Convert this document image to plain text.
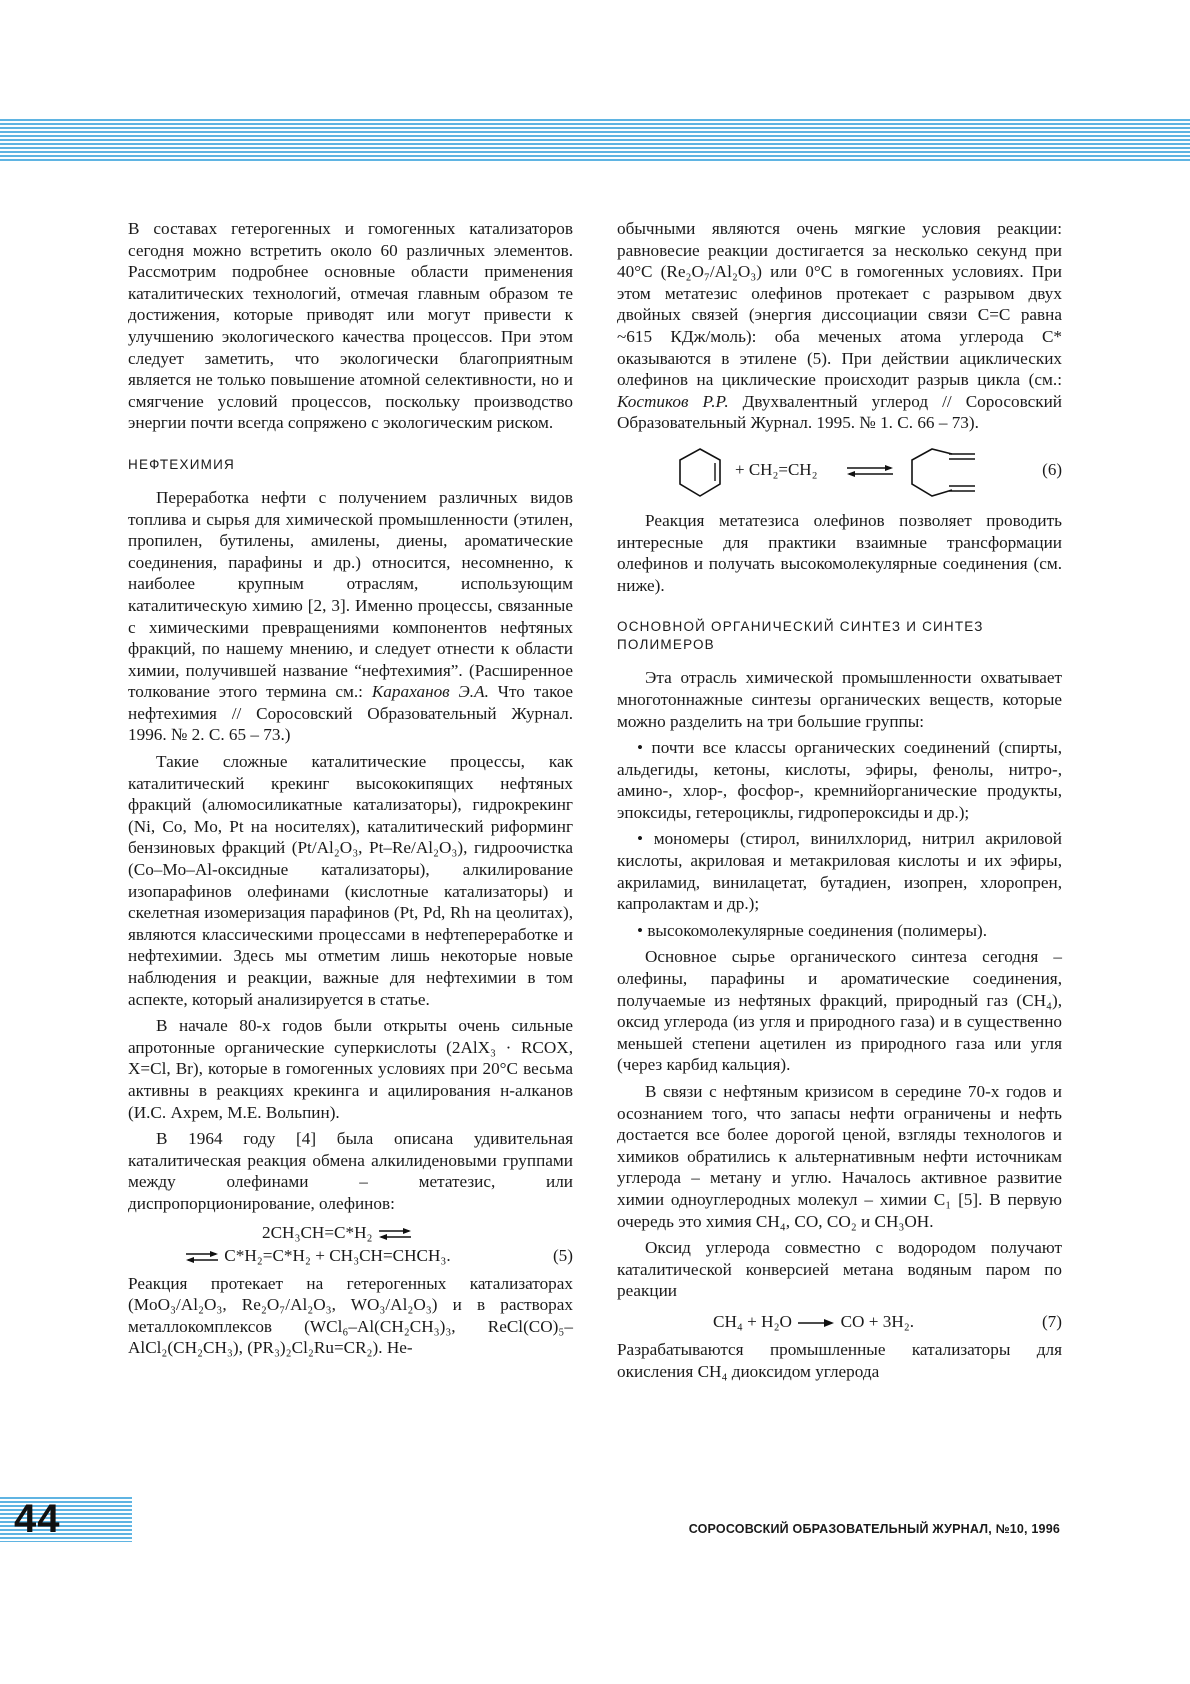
В составах гетерогенных и гомогенных катализаторов сегодня можно встретить около 60 различных элементов. Рассмотрим подробнее основные области применения каталитических технологий, отмечая главным образом те достижения, которые приводят или могут привести к улучшению экологического качества процессов. При этом следует заметить, что экологически благоприятным является не только повышение атомной селективности, но и смягчение условий процессов, поскольку производство энергии почти всегда сопряжено с экологическим риском.

НЕФТЕХИМИЯ

Переработка нефти с получением различных видов топлива и сырья для химической промышленности (этилен, пропилен, бутилены, амилены, диены, ароматические соединения, парафины и др.) относится, несомненно, к наиболее крупным отраслям, использующим каталитическую химию [2, 3]. Именно процессы, связанные с химическими превращениями компонентов нефтяных фракций, по нашему мнению, и следует отнести к области химии, получившей название “нефтехимия”. (Расширенное толкование этого термина см.: Караханов Э.А. Что такое нефтехимия // Соросовский Образовательный Журнал. 1996. № 2. С. 65 – 73.)

Такие сложные каталитические процессы, как каталитический крекинг высококипящих нефтяных фракций (алюмосиликатные катализаторы), гидрокрекинг (Ni, Co, Mo, Pt на носителях), каталитический риформинг бензиновых фракций (Pt/Al₂O₃, Pt–Re/Al₂O₃), гидроочистка (Co–Mo–Al-оксидные катализаторы), алкилирование изопарафинов олефинами (кислотные катализаторы) и скелетная изомеризация парафинов (Pt, Pd, Rh на цеолитах), являются классическими процессами в нефтепереработке и нефтехимии. Здесь мы отметим лишь некоторые новые наблюдения и реакции, важные для нефтехимии в том аспекте, который анализируется в статье.

В начале 80-х годов были открыты очень сильные апротонные органические суперкислоты (2AlX₃ · RCOX, X=Cl, Br), которые в гомогенных условиях при 20°C весьма активны в реакциях крекинга и ацилирования н-алканов (И.С. Ахрем, М.Е. Вольпин).

В 1964 году [4] была описана удивительная каталитическая реакция обмена алкилиденовыми группами между олефинами – метатезис, или диспропорционирование, олефинов:

2CH₃CH=C*H₂ ⇌
⇌ C*H₂=C*H₂ + CH₃CH=CHCH₃.	(5)

Реакция протекает на гетерогенных катализаторах (MoO₃/Al₂O₃, Re₂O₇/Al₂O₃, WO₃/Al₂O₃) и в растворах металлокомплексов (WCl₆–Al(CH₂CH₃)₃, ReCl(CO)₅–AlCl₂(CH₂CH₃), (PR₃)₂Cl₂Ru=CR₂). Не-

обычными являются очень мягкие условия реакции: равновесие реакции достигается за несколько секунд при 40°C (Re₂O₇/Al₂O₃) или 0°C в гомогенных условиях. При этом метатезис олефинов протекает с разрывом двух двойных связей (энергия диссоциации связи C=C равна ~615 КДж/моль): оба меченых атома углерода C* оказываются в этилене (5). При действии ациклических олефинов на циклические происходит разрыв цикла (см.: Костиков Р.Р. Двухвалентный углерод // Соросовский Образовательный Журнал. 1995. № 1. С. 66 – 73).

+ CH₂=CH₂	(6)

Реакция метатезиса олефинов позволяет проводить интересные для практики взаимные трансформации олефинов и получать высокомолекулярные соединения (см. ниже).

ОСНОВНОЙ ОРГАНИЧЕСКИЙ СИНТЕЗ И СИНТЕЗ ПОЛИМЕРОВ

Эта отрасль химической промышленности охватывает многотоннажные синтезы органических веществ, которые можно разделить на три большие группы:

• почти все классы органических соединений (спирты, альдегиды, кетоны, кислоты, эфиры, фенолы, нитро-, амино-, хлор-, фосфор-, кремнийорганические продукты, эпоксиды, гетероциклы, гидропероксиды и др.);

• мономеры (стирол, винилхлорид, нитрил акриловой кислоты, акриловая и метакриловая кислоты и их эфиры, акриламид, винилацетат, бутадиен, изопрен, хлоропрен, капролактам и др.);

• высокомолекулярные соединения (полимеры).

Основное сырье органического синтеза сегодня – олефины, парафины и ароматические соединения, получаемые из нефтяных фракций, природный газ (CH₄), оксид углерода (из угля и природного газа) и в существенно меньшей степени ацетилен из природного газа или угля (через карбид кальция).

В связи с нефтяным кризисом в середине 70-х годов и осознанием того, что запасы нефти ограничены и нефть достается все более дорогой ценой, взгляды технологов и химиков обратились к альтернативным нефти источникам углерода – метану и углю. Началось активное развитие химии одноуглеродных молекул – химии C₁ [5]. В первую очередь это химия CH₄, CO, CO₂ и CH₃OH.

Оксид углерода совместно с водородом получают каталитической конверсией метана водяным паром по реакции

CH₄ + H₂O → CO + 3H₂.	(7)

Разрабатываются промышленные катализаторы для окисления CH₄ диоксидом углерода

44	СОРОСОВСКИЙ ОБРАЗОВАТЕЛЬНЫЙ ЖУРНАЛ, №10, 1996
